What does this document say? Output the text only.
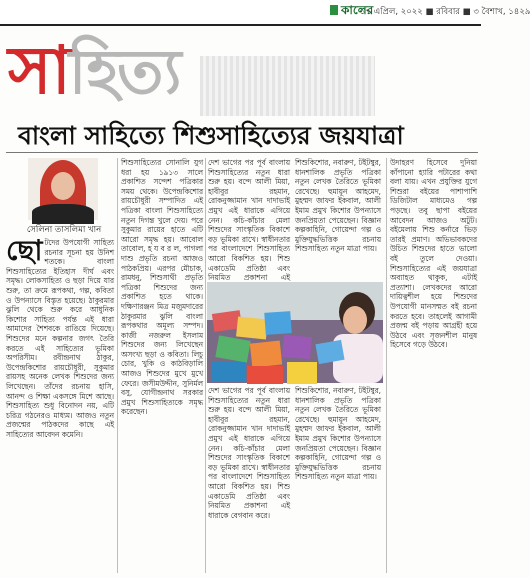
কালের
১৭ এপ্রিল, ২০২২ ■ রবিবার ■ ৩ বৈশাখ, ১৪২৯
সাহিত্য
বাংলা সাহিত্যে শিশুসাহিত্যের জয়যাত্রা
সেলিনা তাসলিমা খান
ছোটদের উপযোগী সাহিত্য রচনার সূচনা হয় উনিশ শতকে। বাংলা শিশুসাহিত্যের ইতিহাস দীর্ঘ এবং সমৃদ্ধ। লোকসাহিত্য ও ছড়া দিয়ে যার শুরু, তা ক্রমে রূপকথা, গল্প, কবিতা ও উপন্যাসে বিস্তৃত হয়েছে। ঠাকুরমার ঝুলি থেকে শুরু করে আধুনিক কিশোর সাহিত্য পর্যন্ত এই ধারা আমাদের শৈশবকে রাঙিয়ে দিয়েছে। শিশুদের মনে কল্পনার জগৎ তৈরি করতে এই সাহিত্যের ভূমিকা অপরিসীম। রবীন্দ্রনাথ ঠাকুর, উপেন্দ্রকিশোর রায়চৌধুরী, সুকুমার রায়সহ অনেক লেখক শিশুদের জন্য লিখেছেন। তাঁদের রচনায় হাসি, আনন্দ ও শিক্ষা একসঙ্গে মিশে আছে। শিশুসাহিত্য শুধু বিনোদন নয়, এটি চরিত্র গঠনেরও মাধ্যম। আজও নতুন প্রজন্মের পাঠকদের কাছে এই সাহিত্যের আবেদন কমেনি।
শিশুসাহিত্যের সোনালি যুগ ধরা হয় ১৯১৩ সালে প্রকাশিত সন্দেশ পত্রিকার সময় থেকে। উপেন্দ্রকিশোর রায়চৌধুরী সম্পাদিত এই পত্রিকা বাংলা শিশুসাহিত্যে নতুন দিগন্ত খুলে দেয়। পরে সুকুমার রায়ের হাতে এটি আরো সমৃদ্ধ হয়। আবোল তাবোল, হ য ব র ল, পাগলা দাশু প্রভৃতি রচনা আজও পাঠকপ্রিয়। এরপর মৌচাক, রামধনু, শিশুসাথী প্রভৃতি পত্রিকা শিশুদের জন্য প্রকাশিত হতে থাকে। দক্ষিণারঞ্জন মিত্র মজুমদারের ঠাকুরমার ঝুলি বাংলা রূপকথার অমূল্য সম্পদ। কাজী নজরুল ইসলাম শিশুদের জন্য লিখেছেন অসংখ্য ছড়া ও কবিতা। লিচু চোর, খুকি ও কাঠবিড়ালি আজও শিশুদের মুখে মুখে ফেরে। জসীমউদ্দীন, সুনির্মল বসু, যোগীন্দ্রনাথ সরকার প্রমুখ শিশুসাহিত্যকে সমৃদ্ধ করেছেন।
দেশ ভাগের পর পূর্ব বাংলায় শিশুসাহিত্যের নতুন ধারা শুরু হয়। বন্দে আলী মিয়া, হাবীবুর রহমান, রোকনুজ্জামান খান দাদাভাই প্রমুখ এই ধারাকে এগিয়ে নেন। কচি-কাঁচার মেলা শিশুদের সাংস্কৃতিক বিকাশে বড় ভূমিকা রাখে। স্বাধীনতার পর বাংলাদেশে শিশুসাহিত্য আরো বিকশিত হয়। শিশু একাডেমি প্রতিষ্ঠা এবং নিয়মিত প্রকাশনা এই
শিশুকিশোর, নবারুণ, টইটম্বুর, ধানশালিক প্রভৃতি পত্রিকা নতুন লেখক তৈরিতে ভূমিকা রেখেছে। হুমায়ূন আহমেদ, মুহম্মদ জাফর ইকবাল, আলী ইমাম প্রমুখ কিশোর উপন্যাসে জনপ্রিয়তা পেয়েছেন। বিজ্ঞান কল্পকাহিনি, গোয়েন্দা গল্প ও মুক্তিযুদ্ধভিত্তিক রচনায় শিশুসাহিত্য নতুন মাত্রা পায়।
উদাহরণ হিসেবে দুনিয়া কাঁপানো হ্যারি পটারের কথা বলা যায়। এখন প্রযুক্তির যুগে শিশুরা বইয়ের পাশাপাশি ডিজিটাল মাধ্যমেও গল্প পড়ছে। তবু ছাপা বইয়ের আবেদন আজও অটুট। বইমেলায় শিশু কর্নারে ভিড় তারই প্রমাণ। অভিভাবকদের উচিত শিশুদের হাতে ভালো বই তুলে দেওয়া। শিশুসাহিত্যের এই জয়যাত্রা অব্যাহত থাকুক, এটাই প্রত্যাশা। লেখকদের আরো দায়িত্বশীল হয়ে শিশুদের উপযোগী মানসম্মত বই রচনা করতে হবে। তাহলেই আগামী প্রজন্ম বই পড়ায় আগ্রহী হয়ে উঠবে এবং সৃজনশীল মানুষ হিসেবে গড়ে উঠবে।
দেশ ভাগের পর পূর্ব বাংলায় শিশুসাহিত্যের নতুন ধারা শুরু হয়। বন্দে আলী মিয়া, হাবীবুর রহমান, রোকনুজ্জামান খান দাদাভাই প্রমুখ এই ধারাকে এগিয়ে নেন। কচি-কাঁচার মেলা শিশুদের সাংস্কৃতিক বিকাশে বড় ভূমিকা রাখে। স্বাধীনতার পর বাংলাদেশে শিশুসাহিত্য আরো বিকশিত হয়। শিশু একাডেমি প্রতিষ্ঠা এবং নিয়মিত প্রকাশনা এই ধারাকে বেগবান করে।
শিশুকিশোর, নবারুণ, টইটম্বুর, ধানশালিক প্রভৃতি পত্রিকা নতুন লেখক তৈরিতে ভূমিকা রেখেছে। হুমায়ূন আহমেদ, মুহম্মদ জাফর ইকবাল, আলী ইমাম প্রমুখ কিশোর উপন্যাসে জনপ্রিয়তা পেয়েছেন। বিজ্ঞান কল্পকাহিনি, গোয়েন্দা গল্প ও মুক্তিযুদ্ধভিত্তিক রচনায় শিশুসাহিত্য নতুন মাত্রা পায়।
